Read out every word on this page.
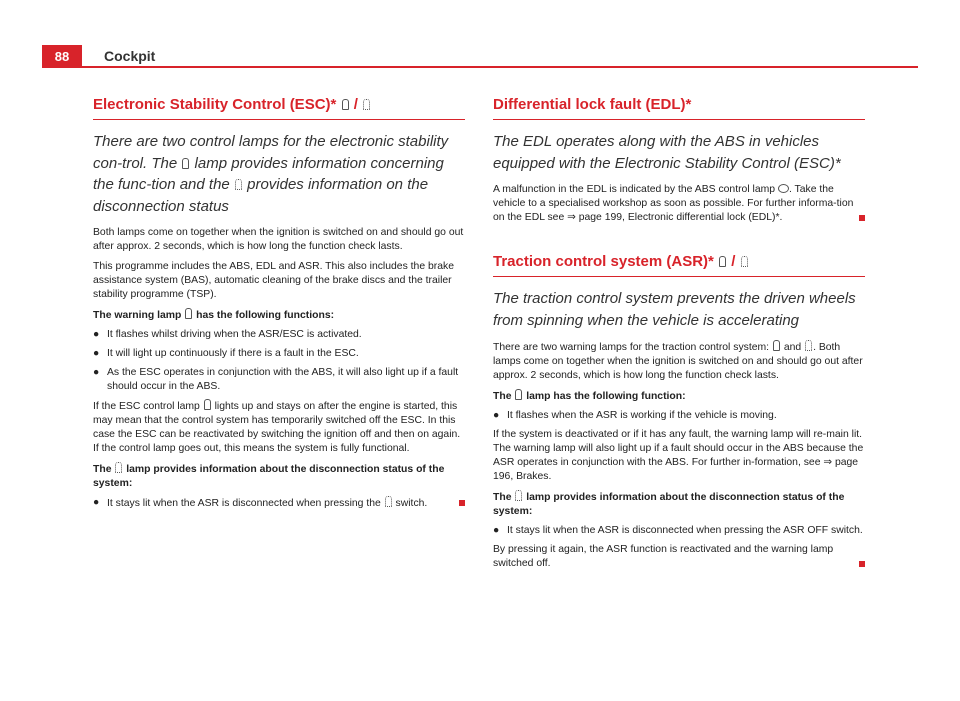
88	Cockpit
Electronic Stability Control (ESC)*  /
There are two control lamps for the electronic stability con-trol. The  lamp provides information concerning the func-tion and the  provides information on the disconnection status

Both lamps come on together when the ignition is switched on and should go out after approx. 2 seconds, which is how long the function check lasts.

This programme includes the ABS, EDL and ASR. This also includes the brake assistance system (BAS), automatic cleaning of the brake discs and the trailer stability programme (TSP).

The warning lamp  has the following functions:

● It flashes whilst driving when the ASR/ESC is activated.
● It will light up continuously if there is a fault in the ESC.
● As the ESC operates in conjunction with the ABS, it will also light up if a fault should occur in the ABS.

If the ESC control lamp  lights up and stays on after the engine is started, this may mean that the control system has temporarily switched off the ESC. In this case the ESC can be reactivated by switching the ignition off and then on again. If the control lamp goes out, this means the system is fully functional.

The  lamp provides information about the disconnection status of the system:

● It stays lit when the ASR is disconnected when pressing the  switch.
Differential lock fault (EDL)*
The EDL operates along with the ABS in vehicles equipped with the Electronic Stability Control (ESC)*

A malfunction in the EDL is indicated by the ABS control lamp . Take the vehicle to a specialised workshop as soon as possible. For further informa-tion on the EDL see ⇒ page 199, Electronic differential lock (EDL)*.

Traction control system (ASR)*  /
The traction control system prevents the driven wheels from spinning when the vehicle is accelerating

There are two warning lamps for the traction control system:  and . Both lamps come on together when the ignition is switched on and should go out after approx. 2 seconds, which is how long the function check lasts.

The  lamp has the following function:

● It flashes when the ASR is working if the vehicle is moving.

If the system is deactivated or if it has any fault, the warning lamp will re-main lit. The warning lamp will also light up if a fault should occur in the ABS because the ASR operates in conjunction with the ABS. For further in-formation, see ⇒ page 196, Brakes.

The  lamp provides information about the disconnection status of the system:

● It stays lit when the ASR is disconnected when pressing the ASR OFF switch.

By pressing it again, the ASR function is reactivated and the warning lamp switched off.
